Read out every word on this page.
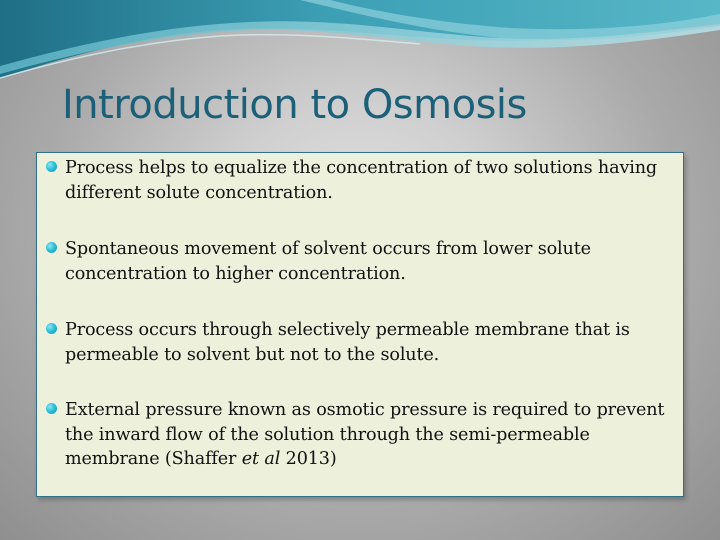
Introduction to Osmosis
Process helps to equalize the concentration of two solutions having different solute concentration.
Spontaneous movement of solvent occurs from lower solute concentration to higher concentration.
Process occurs through selectively permeable membrane that is permeable to solvent but not to the solute.
External pressure known as osmotic pressure is required to prevent the inward flow of the solution through the semi-permeable membrane (Shaffer et al 2013)
